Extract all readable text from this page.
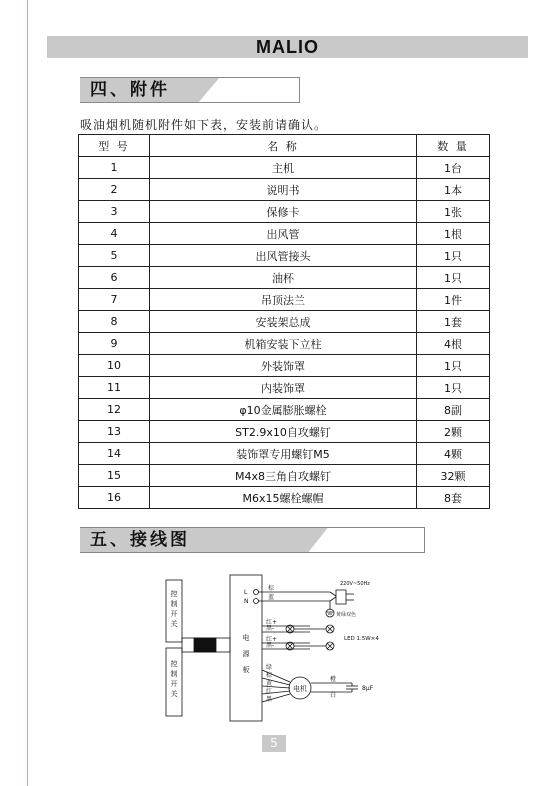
MALIO
四、附件
吸油烟机随机附件如下表，安装前请确认。
型 号	名 称	数 量
1	主机	1台
2	说明书	1本
3	保修卡	1张
4	出风管	1根
5	出风管接头	1只
6	油杯	1只
7	吊顶法兰	1件
8	安装架总成	1套
9	机箱安装下立柱	4根
10	外装饰罩	1只
11	内装饰罩	1只
12	φ10金属膨胀螺栓	8副
13	ST2.9x10自攻螺钉	2颗
14	装饰罩专用螺钉M5	4颗
15	M4x8三角自攻螺钉	32颗
16	M6x15螺栓螺帽	8套
五、接线图
控制开关
控制开关
电源板
L
N
棕
蓝
220V~50Hz
黄绿双色
红+
黑-
红+
黑-
LED 1.5W×4
绿
棕
黄
红
黑
电机
橙
白
8μF
5
